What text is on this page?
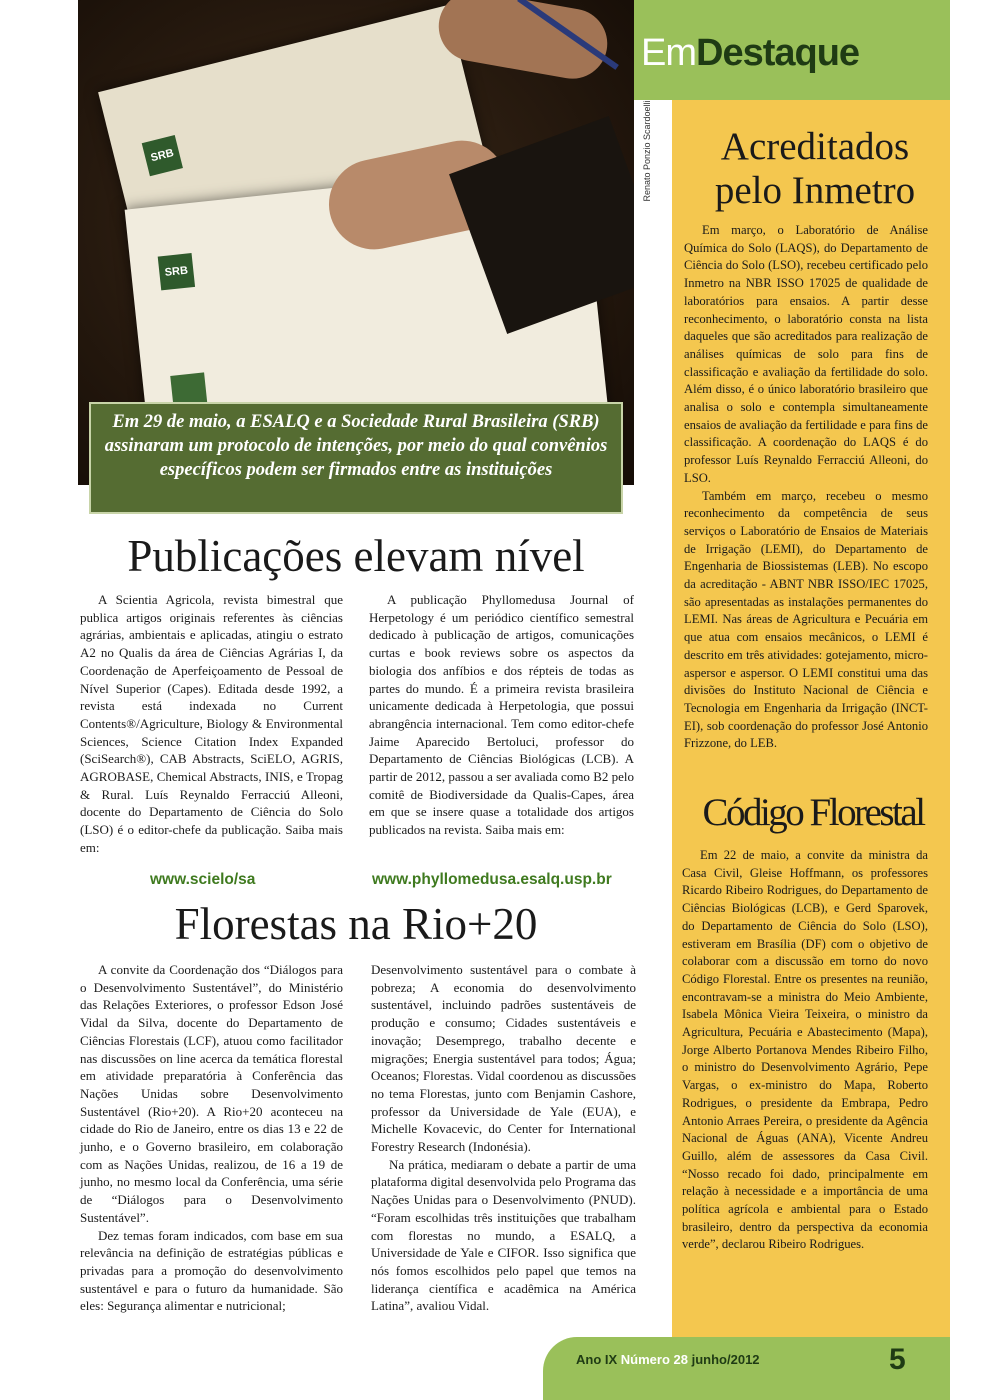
EmDestaque
SRB
SRB
Renato Ponzio Scardoelli
Em 29 de maio, a ESALQ e a Sociedade Rural Brasileira (SRB) assinaram um protocolo de intenções, por meio do qual convênios específicos podem ser firmados entre as instituições
Publicações elevam nível

A Scientia Agricola, revista bimestral que publica artigos originais referentes às ciências agrárias, ambientais e aplicadas, atingiu o estrato A2 no Qualis da área de Ciências Agrárias I, da Coordenação de Aperfeiçoamento de Pessoal de Nível Superior (Capes). Editada desde 1992, a revista está indexada no Current Contents®/Agriculture, Biology & Environmental Sciences, Science Citation Index Expanded (SciSearch®), CAB Abstracts, SciELO, AGRIS, AGROBASE, Chemical Abstracts, INIS, e Tropag & Rural. Luís Reynaldo Ferracciú Alleoni, docente do Departamento de Ciência do Solo (LSO) é o editor-chefe da publicação. Saiba mais em:

A publicação Phyllomedusa Journal of Herpetology é um periódico científico semestral dedicado à publicação de artigos, comunicações curtas e book reviews sobre os aspectos da biologia dos anfíbios e dos répteis de todas as partes do mundo. É a primeira revista brasileira unicamente dedicada à Herpetologia, que possui abrangência internacional. Tem como editor-chefe Jaime Aparecido Bertoluci, professor do Departamento de Ciências Biológicas (LCB). A partir de 2012, passou a ser avaliada como B2 pelo comitê de Biodiversidade da Qualis-Capes, área em que se insere quase a totalidade dos artigos publicados na revista. Saiba mais em:

www.scielo/sa	www.phyllomedusa.esalq.usp.br
Florestas na Rio+20

A convite da Coordenação dos “Diálogos para o Desenvolvimento Sustentável”, do Ministério das Relações Exteriores, o professor Edson José Vidal da Silva, docente do Departamento de Ciências Florestais (LCF), atuou como facilitador nas discussões on line acerca da temática florestal em atividade preparatória à Conferência das Nações Unidas sobre Desenvolvimento Sustentável (Rio+20). A Rio+20 aconteceu na cidade do Rio de Janeiro, entre os dias 13 e 22 de junho, e o Governo brasileiro, em colaboração com as Nações Unidas, realizou, de 16 a 19 de junho, no mesmo local da Conferência, uma série de “Diálogos para o Desenvolvimento Sustentável”.

Dez temas foram indicados, com base em sua relevância na definição de estratégias públicas e privadas para a promoção do desenvolvimento sustentável e para o futuro da humanidade. São eles: Segurança alimentar e nutricional;

Desenvolvimento sustentável para o combate à pobreza; A economia do desenvolvimento sustentável, incluindo padrões sustentáveis de produção e consumo; Cidades sustentáveis e inovação; Desemprego, trabalho decente e migrações; Energia sustentável para todos; Água; Oceanos; Florestas. Vidal coordenou as discussões no tema Florestas, junto com Benjamin Cashore, professor da Universidade de Yale (EUA), e Michelle Kovacevic, do Center for International Forestry Research (Indonésia).

Na prática, mediaram o debate a partir de uma plataforma digital desenvolvida pelo Programa das Nações Unidas para o Desenvolvimento (PNUD). “Foram escolhidas três instituições que trabalham com florestas no mundo, a ESALQ, a Universidade de Yale e CIFOR. Isso significa que nós fomos escolhidos pelo papel que temos na liderança científica e acadêmica na América Latina”, avaliou Vidal.

Acreditados
pelo Inmetro

Em março, o Laboratório de Análise Química do Solo (LAQS), do Departamento de Ciência do Solo (LSO), recebeu certificado pelo Inmetro na NBR ISSO 17025 de qualidade de laboratórios para ensaios. A partir desse reconhecimento, o laboratório consta na lista daqueles que são acreditados para realização de análises químicas de solo para fins de classificação e avaliação da fertilidade do solo. Além disso, é o único laboratório brasileiro que analisa o solo e contempla simultaneamente ensaios de avaliação da fertilidade e para fins de classificação. A coordenação do LAQS é do professor Luís Reynaldo Ferracciú Alleoni, do LSO.

Também em março, recebeu o mesmo reconhecimento da competência de seus serviços o Laboratório de Ensaios de Materiais de Irrigação (LEMI), do Departamento de Engenharia de Biossistemas (LEB). No escopo da acreditação - ABNT NBR ISSO/IEC 17025, são apresentadas as instalações permanentes do LEMI. Nas áreas de Agricultura e Pecuária em que atua com ensaios mecânicos, o LEMI é descrito em três atividades: gotejamento, micro-aspersor e aspersor. O LEMI constitui uma das divisões do Instituto Nacional de Ciência e Tecnologia em Engenharia da Irrigação (INCT-EI), sob coordenação do professor José Antonio Frizzone, do LEB.

Código Florestal

Em 22 de maio, a convite da ministra da Casa Civil, Gleise Hoffmann, os professores Ricardo Ribeiro Rodrigues, do Departamento de Ciências Biológicas (LCB), e Gerd Sparovek, do Departamento de Ciência do Solo (LSO), estiveram em Brasília (DF) com o objetivo de colaborar com a discussão em torno do novo Código Florestal. Entre os presentes na reunião, encontravam-se a ministra do Meio Ambiente, Isabela Mônica Vieira Teixeira, o ministro da Agricultura, Pecuária e Abastecimento (Mapa), Jorge Alberto Portanova Mendes Ribeiro Filho, o ministro do Desenvolvimento Agrário, Pepe Vargas, o ex-ministro do Mapa, Roberto Rodrigues, o presidente da Embrapa, Pedro Antonio Arraes Pereira, o presidente da Agência Nacional de Águas (ANA), Vicente Andreu Guillo, além de assessores da Casa Civil. “Nosso recado foi dado, principalmente em relação à necessidade e a importância de uma política agrícola e ambiental para o Estado brasileiro, dentro da perspectiva da economia verde”, declarou Ribeiro Rodrigues.

Ano IX Número 28 junho/2012	5
